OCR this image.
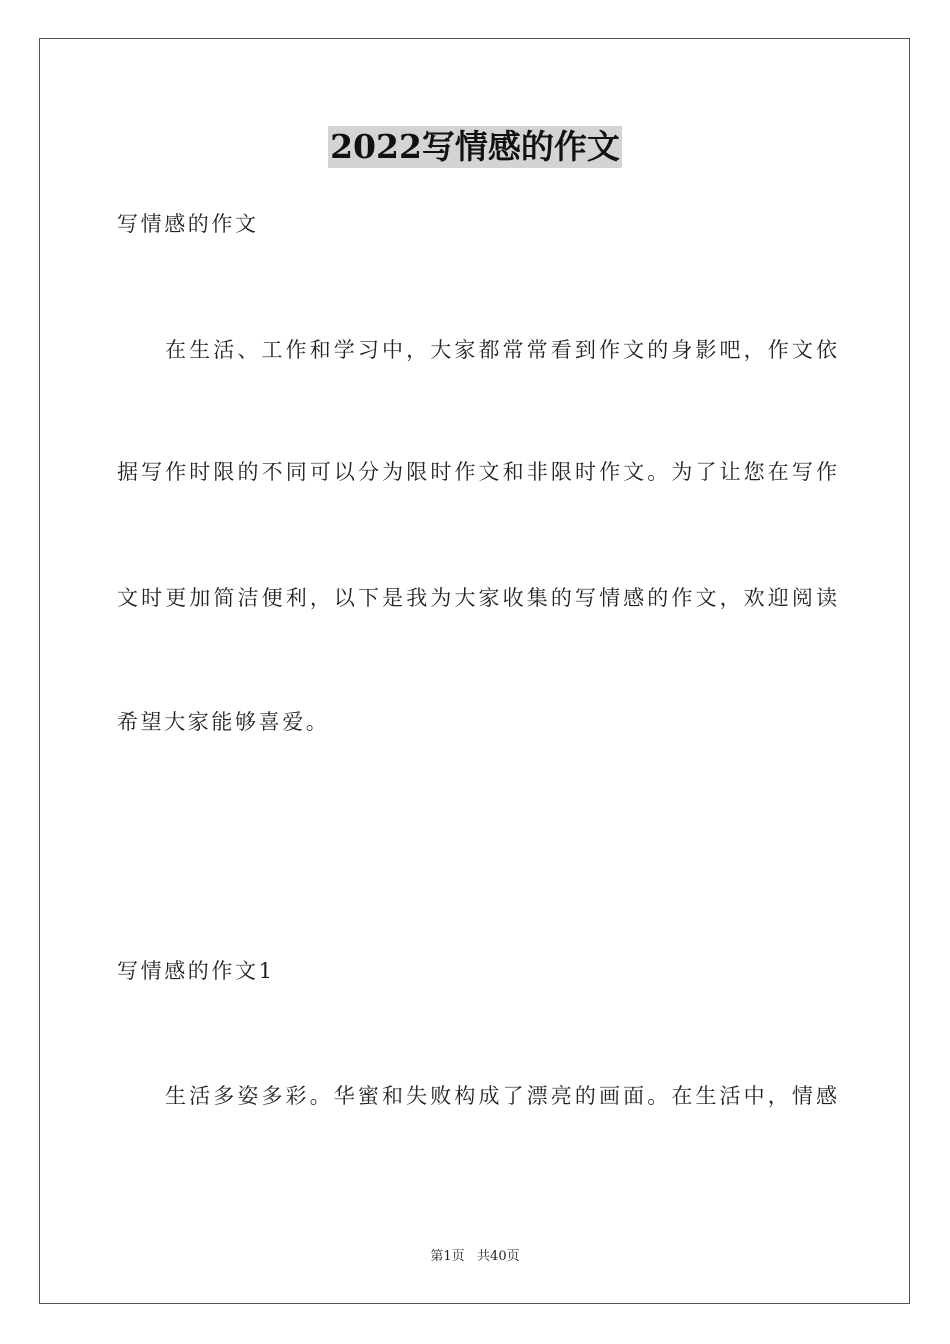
2022写情感的作文
写情感的作文
在生活、工作和学习中，大家都常常看到作文的身影吧，作文依
据写作时限的不同可以分为限时作文和非限时作文。为了让您在写作
文时更加简洁便利，以下是我为大家收集的写情感的作文，欢迎阅读
希望大家能够喜爱。
写情感的作文1
生活多姿多彩。华蜜和失败构成了漂亮的画面。在生活中，情感
第1页   共40页
